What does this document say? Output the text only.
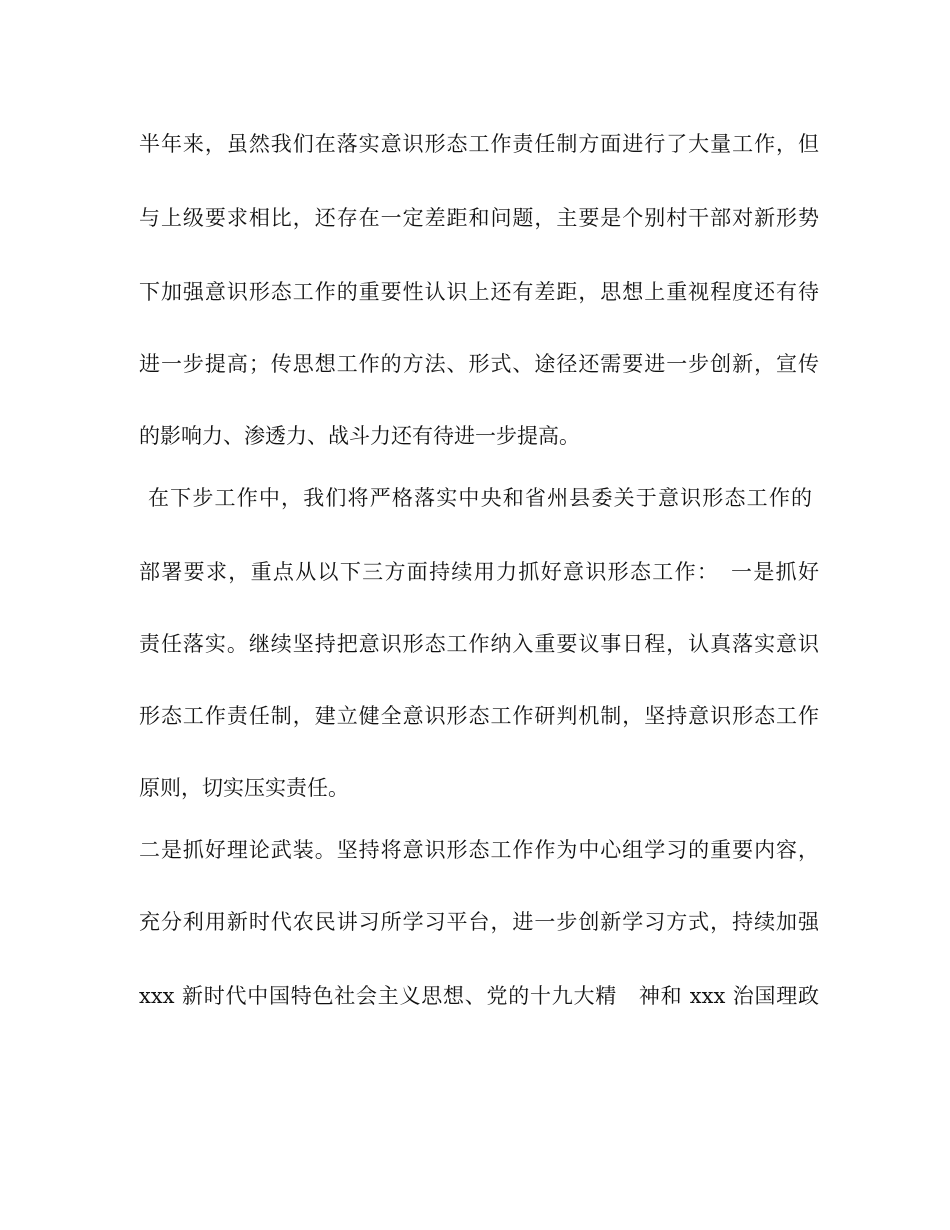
半年来，虽然我们在落实意识形态工作责任制方面进行了大量工作，但
与上级要求相比，还存在一定差距和问题，主要是个别村干部对新形势
下加强意识形态工作的重要性认识上还有差距，思想上重视程度还有待
进一步提高；传思想工作的方法、形式、途径还需要进一步创新，宣传
的影响力、渗透力、战斗力还有待进一步提高。
在下步工作中，我们将严格落实中央和省州县委关于意识形态工作的
部署要求，重点从以下三方面持续用力抓好意识形态工作：　一是抓好
责任落实。继续坚持把意识形态工作纳入重要议事日程，认真落实意识
形态工作责任制，建立健全意识形态工作研判机制，坚持意识形态工作
原则，切实压实责任。
二是抓好理论武装。坚持将意识形态工作作为中心组学习的重要内容，
充分利用新时代农民讲习所学习平台，进一步创新学习方式，持续加强
xxx 新时代中国特色社会主义思想、党的十九大精　神和 xxx 治国理政
